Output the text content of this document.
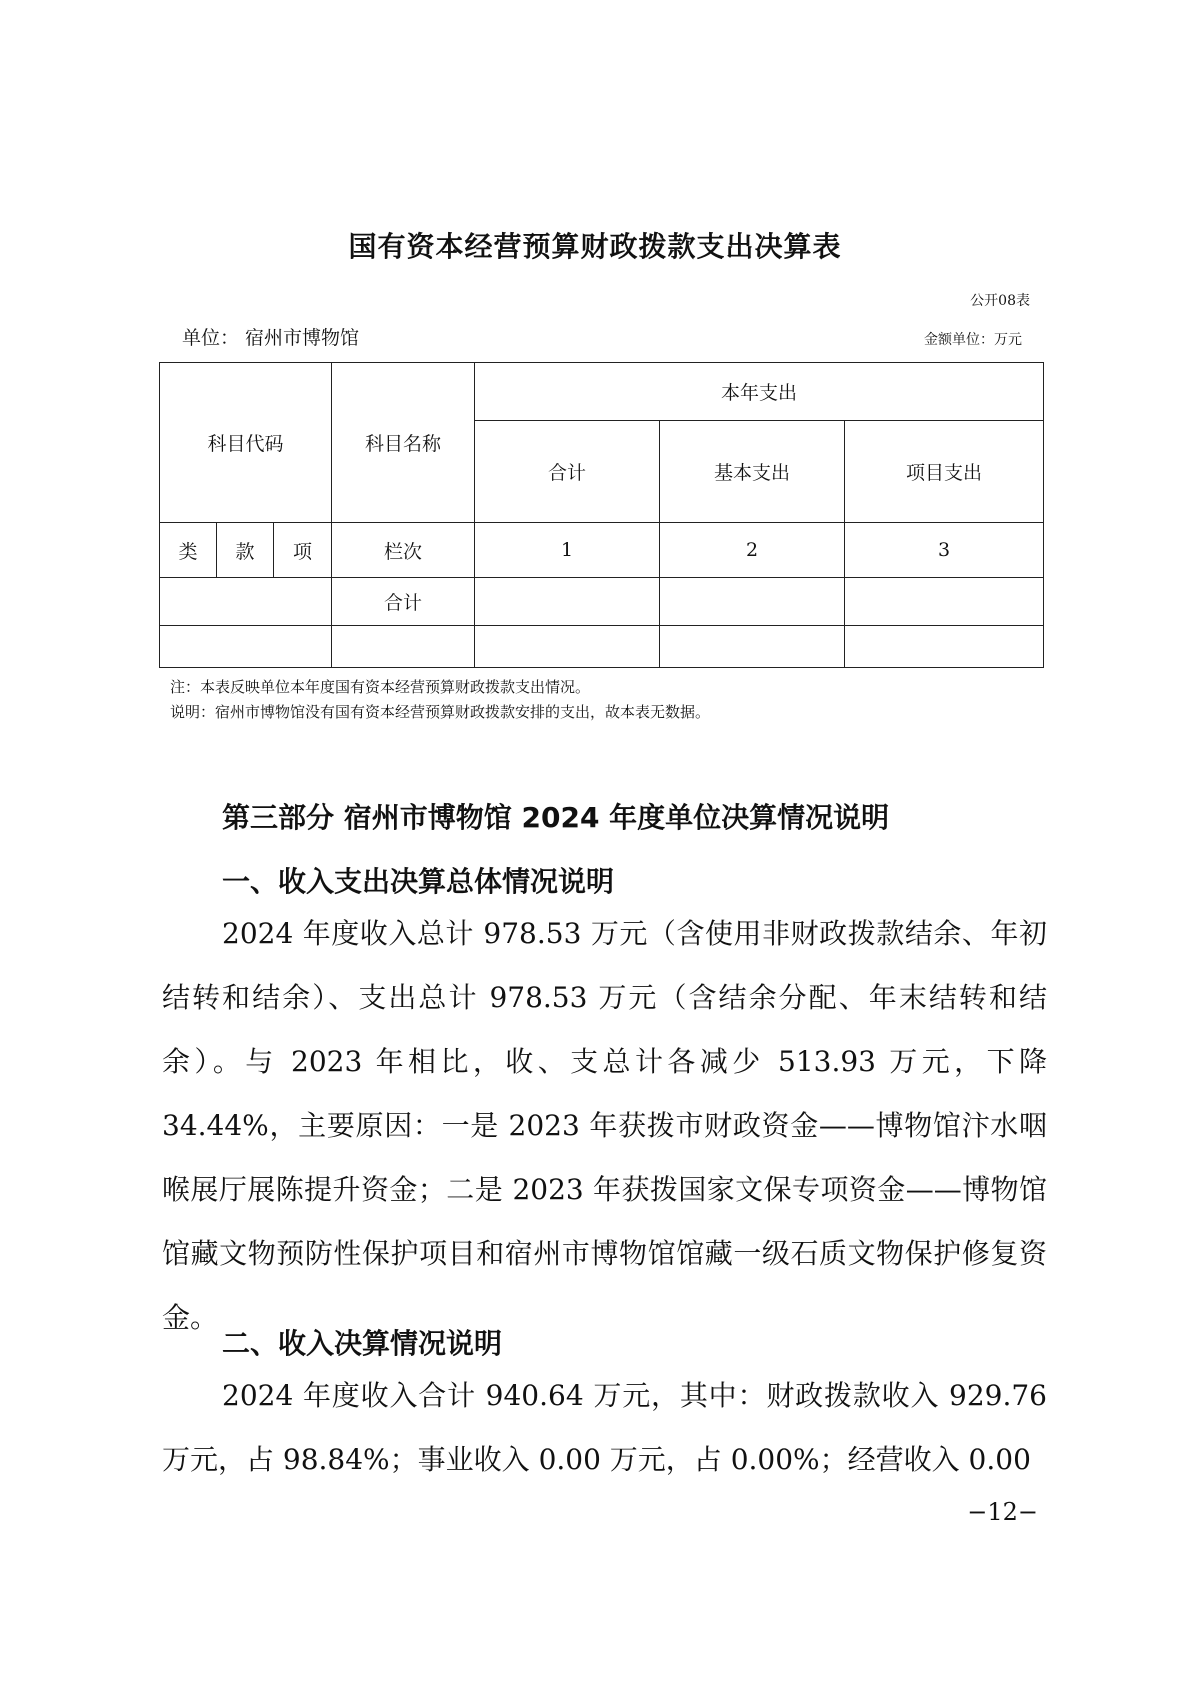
国有资本经营预算财政拨款支出决算表
公开08表
单位： 宿州市博物馆	金额单位：万元
科目代码			科目名称	本年支出		
				合计	基本支出	项目支出
类	款	项	栏次	1	2	3
			合计			

注：本表反映单位本年度国有资本经营预算财政拨款支出情况。
说明：宿州市博物馆没有国有资本经营预算财政拨款安排的支出，故本表无数据。
第三部分 宿州市博物馆 2024 年度单位决算情况说明
一、收入支出决算总体情况说明
2024 年度收入总计 978.53 万元（含使用非财政拨款结余、年初结转和结余）、支出总计 978.53 万元（含结余分配、年末结转和结余）。与 2023 年相比，收、支总计各减少 513.93 万元，下降 34.44%，主要原因：一是 2023 年获拨市财政资金——博物馆汴水咽喉展厅展陈提升资金；二是 2023 年获拨国家文保专项资金——博物馆馆藏文物预防性保护项目和宿州市博物馆馆藏一级石质文物保护修复资金。
二、收入决算情况说明
2024 年度收入合计 940.64 万元，其中：财政拨款收入 929.76 万元，占 98.84%；事业收入 0.00 万元，占 0.00%；经营收入 0.00
−12−
